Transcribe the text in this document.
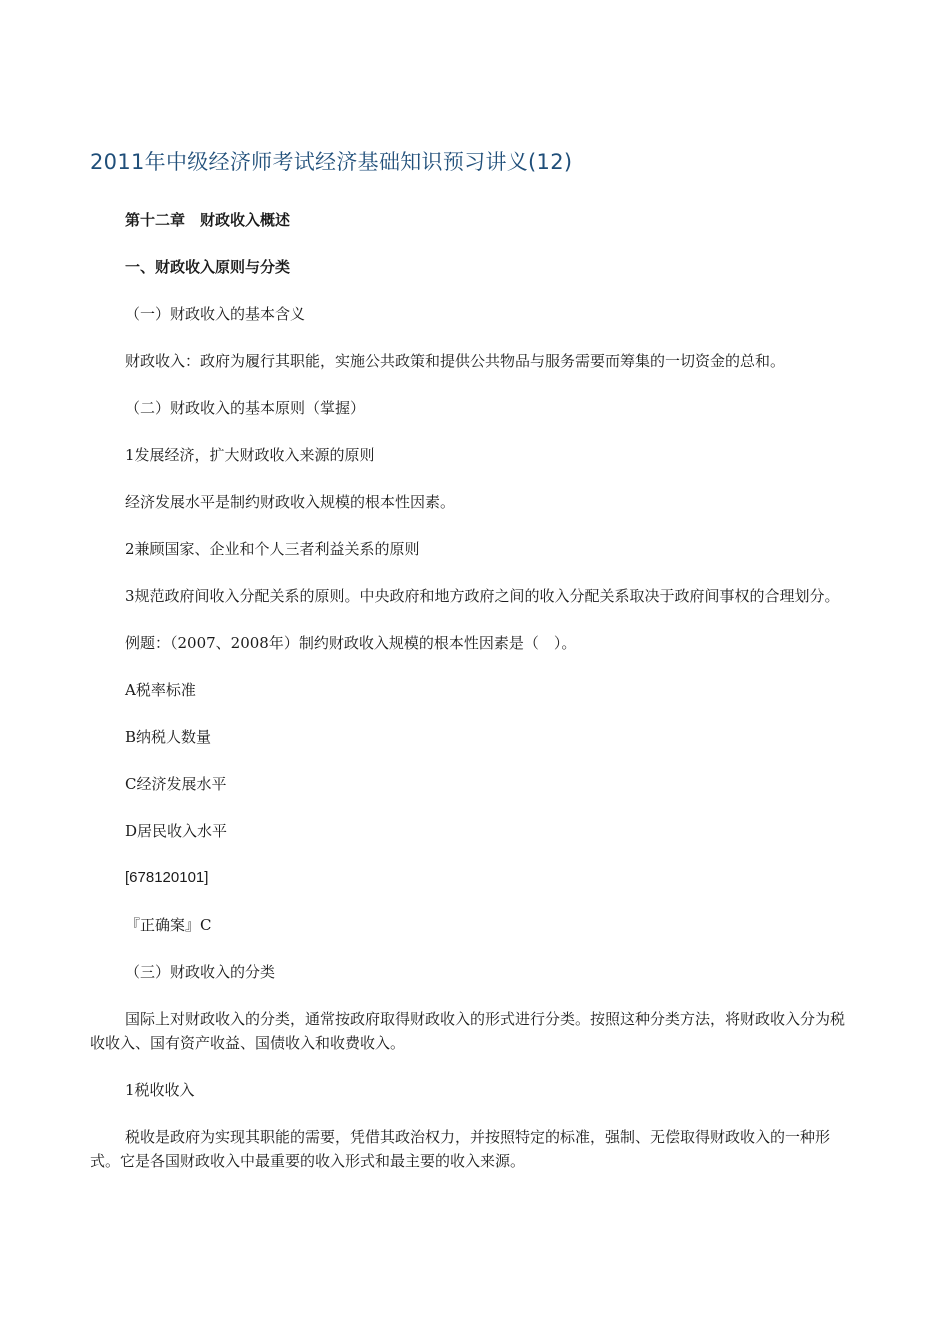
2011年中级经济师考试经济基础知识预习讲义(12)

第十二章　财政收入概述

一、财政收入原则与分类

（一）财政收入的基本含义

财政收入：政府为履行其职能，实施公共政策和提供公共物品与服务需要而筹集的一切资金的总和。

（二）财政收入的基本原则（掌握）

1发展经济，扩大财政收入来源的原则

经济发展水平是制约财政收入规模的根本性因素。

2兼顾国家、企业和个人三者利益关系的原则

3规范政府间收入分配关系的原则。中央政府和地方政府之间的收入分配关系取决于政府间事权的合理划分。

例题：（2007、2008年）制约财政收入规模的根本性因素是（　）。

A税率标准

B纳税人数量

C经济发展水平

D居民收入水平

[678120101]

『正确案』C

（三）财政收入的分类

国际上对财政收入的分类，通常按政府取得财政收入的形式进行分类。按照这种分类方法，将财政收入分为税收收入、国有资产收益、国债收入和收费收入。

1税收收入

税收是政府为实现其职能的需要，凭借其政治权力，并按照特定的标准，强制、无偿取得财政收入的一种形式。它是各国财政收入中最重要的收入形式和最主要的收入来源。
